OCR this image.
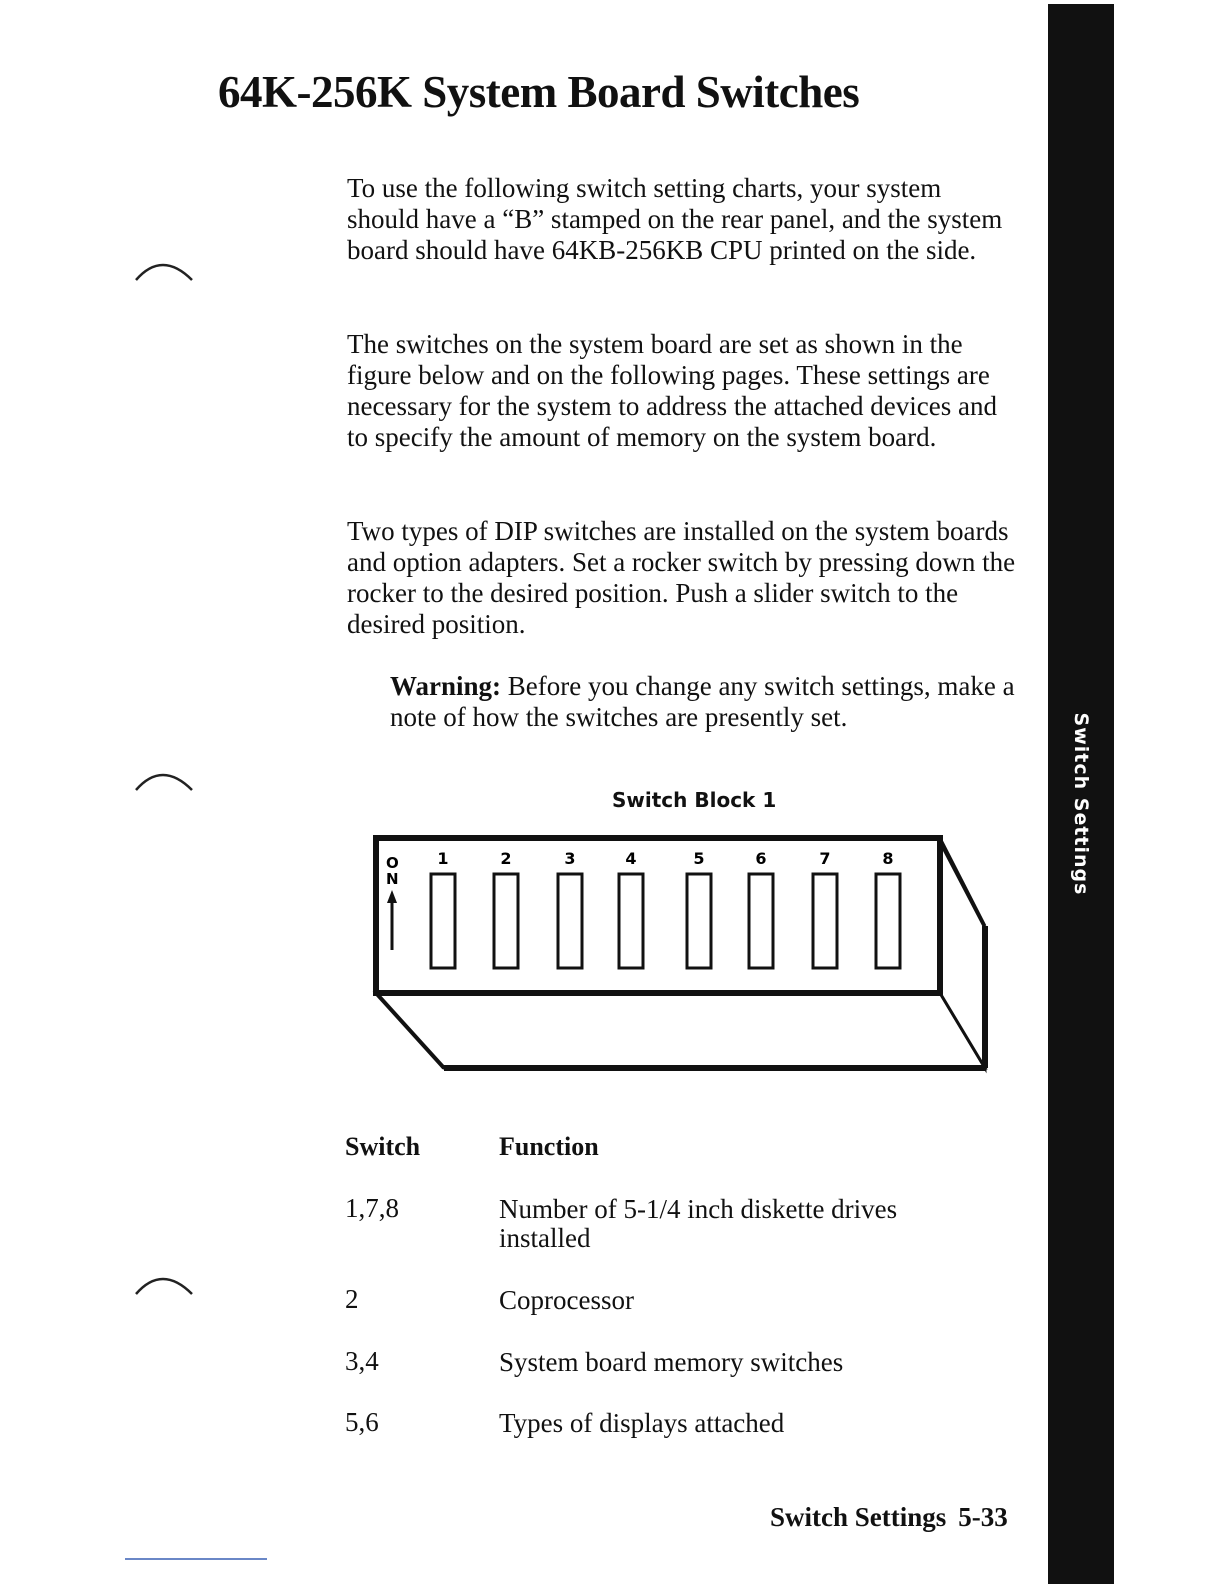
Switch Settings
64K-256K System Board Switches

To use the following switch setting charts, your system should have a “B” stamped on the rear panel, and the system board should have 64KB-256KB CPU printed on the side.

The switches on the system board are set as shown in the figure below and on the following pages. These settings are necessary for the system to address the attached devices and to specify the amount of memory on the system board.

Two types of DIP switches are installed on the system boards and option adapters. Set a rocker switch by pressing down the rocker to the desired position. Push a slider switch to the desired position.

Warning: Before you change any switch settings, make a note of how the switches are presently set.

Switch Block 1
O
N
1	2	3	4	5	6	7	8
Switch	Function
1,7,8	Number of 5-1/4 inch diskette drives installed
2	Coprocessor
3,4	System board memory switches
5,6	Types of displays attached
Switch Settings 5-33
